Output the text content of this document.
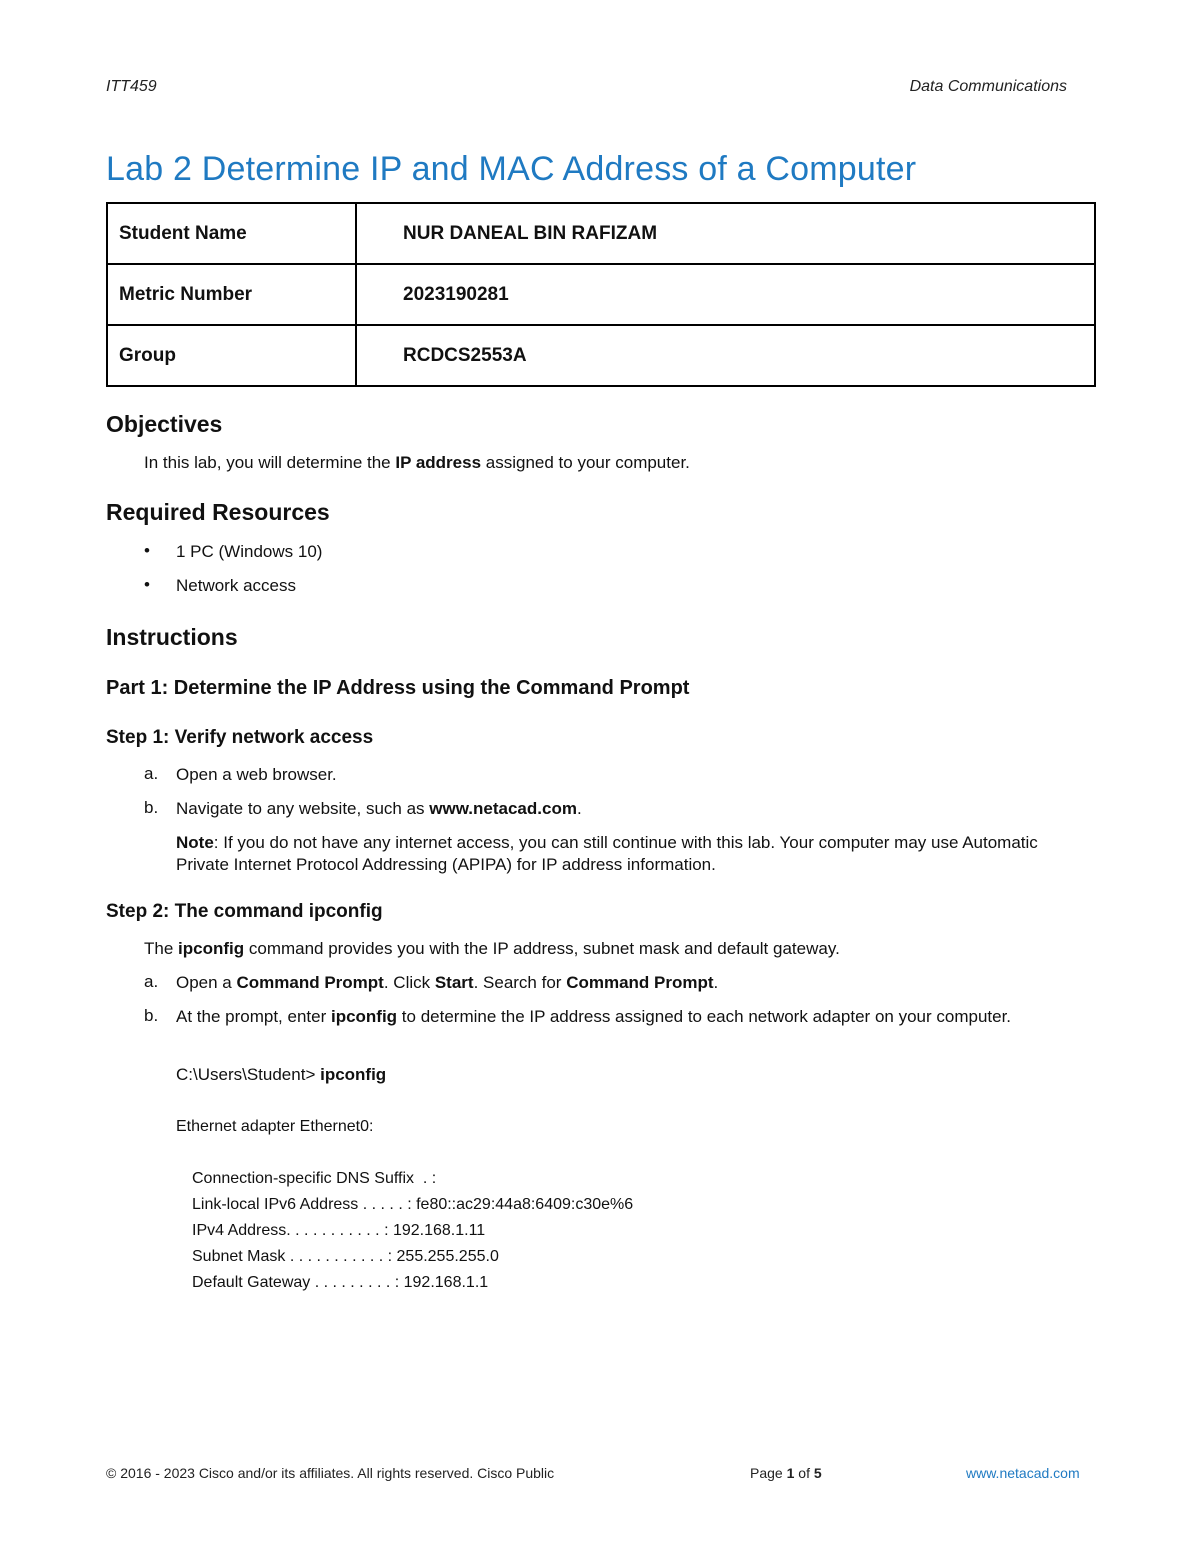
ITT459	Data Communications
Lab 2 Determine IP and MAC Address of a Computer
Student Name	NUR DANEAL BIN RAFIZAM
Metric Number	2023190281
Group	RCDCS2553A
Objectives

In this lab, you will determine the IP address assigned to your computer.

Required Resources
• 1 PC (Windows 10)
• Network access
Instructions
Part 1: Determine the IP Address using the Command Prompt
Step 1: Verify network access
a. Open a web browser.
b. Navigate to any website, such as www.netacad.com.

Note: If you do not have any internet access, you can still continue with this lab. Your computer may use Automatic Private Internet Protocol Addressing (APIPA) for IP address information.

Step 2: The command ipconfig

The ipconfig command provides you with the IP address, subnet mask and default gateway.

a. Open a Command Prompt. Click Start. Search for Command Prompt.

b. At the prompt, enter ipconfig to determine the IP address assigned to each network adapter on your computer.

C:\Users\Student> ipconfig

Ethernet adapter Ethernet0:
Connection-specific DNS Suffix  . :
Link-local IPv6 Address . . . . . : fe80::ac29:44a8:6409:c30e%6
IPv4 Address. . . . . . . . . . . : 192.168.1.11
Subnet Mask . . . . . . . . . . . : 255.255.255.0
Default Gateway . . . . . . . . . : 192.168.1.1
© 2016 - 2023 Cisco and/or its affiliates. All rights reserved. Cisco Public	Page 1 of 5	www.netacad.com
